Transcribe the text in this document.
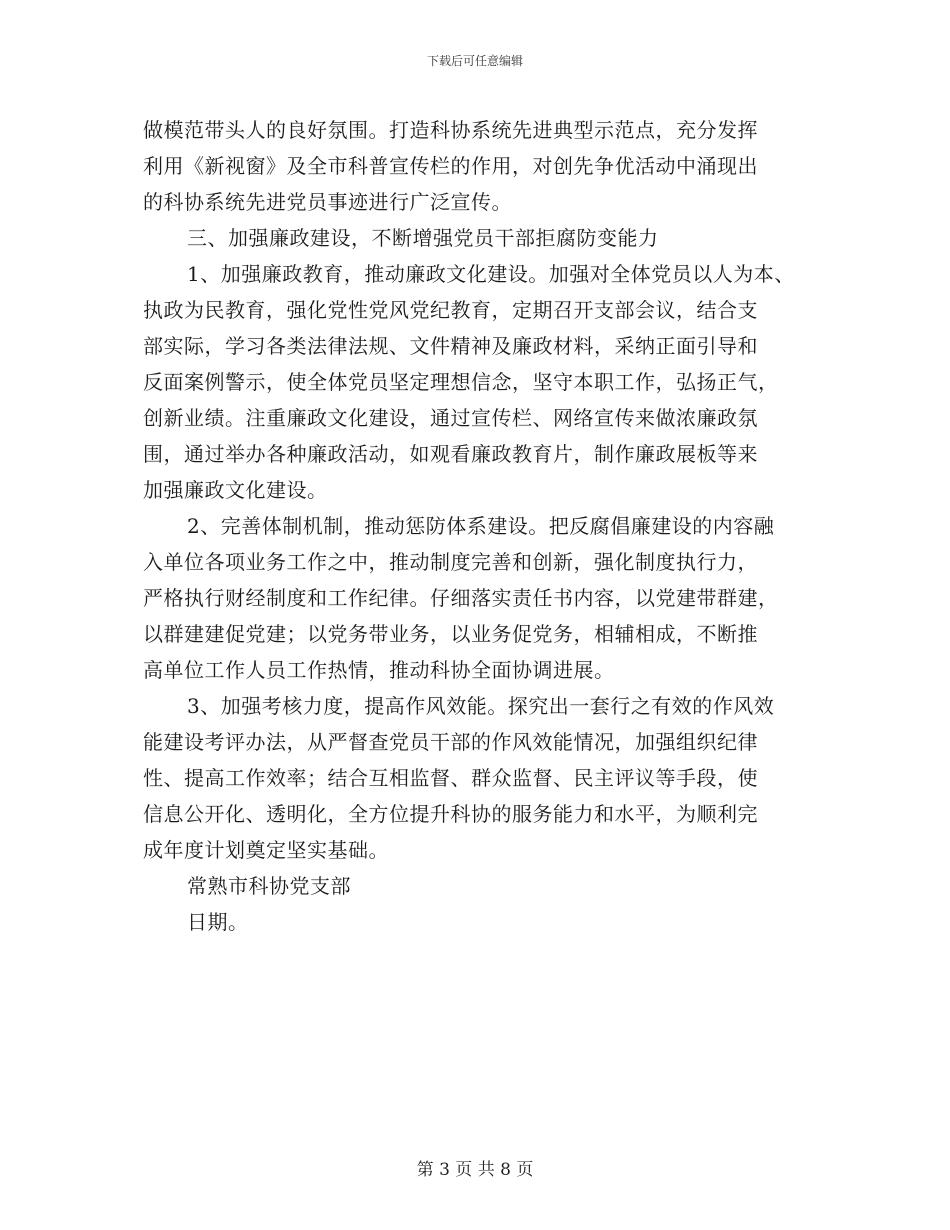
下载后可任意编辑
做模范带头人的良好氛围。打造科协系统先进典型示范点，充分发挥
利用《新视窗》及全市科普宣传栏的作用，对创先争优活动中涌现出
的科协系统先进党员事迹进行广泛宣传。
三、加强廉政建设，不断增强党员干部拒腐防变能力
1、加强廉政教育，推动廉政文化建设。加强对全体党员以人为本、
执政为民教育，强化党性党风党纪教育，定期召开支部会议，结合支
部实际，学习各类法律法规、文件精神及廉政材料，采纳正面引导和
反面案例警示，使全体党员坚定理想信念，坚守本职工作，弘扬正气，
创新业绩。注重廉政文化建设，通过宣传栏、网络宣传来做浓廉政氛
围，通过举办各种廉政活动，如观看廉政教育片，制作廉政展板等来
加强廉政文化建设。
2、完善体制机制，推动惩防体系建设。把反腐倡廉建设的内容融
入单位各项业务工作之中，推动制度完善和创新，强化制度执行力，
严格执行财经制度和工作纪律。仔细落实责任书内容，以党建带群建，
以群建建促党建；以党务带业务，以业务促党务，相辅相成，不断推
高单位工作人员工作热情，推动科协全面协调进展。
3、加强考核力度，提高作风效能。探究出一套行之有效的作风效
能建设考评办法，从严督查党员干部的作风效能情况，加强组织纪律
性、提高工作效率；结合互相监督、群众监督、民主评议等手段，使
信息公开化、透明化，全方位提升科协的服务能力和水平，为顺利完
成年度计划奠定坚实基础。
常熟市科协党支部
日期。
第 3 页 共 8 页
